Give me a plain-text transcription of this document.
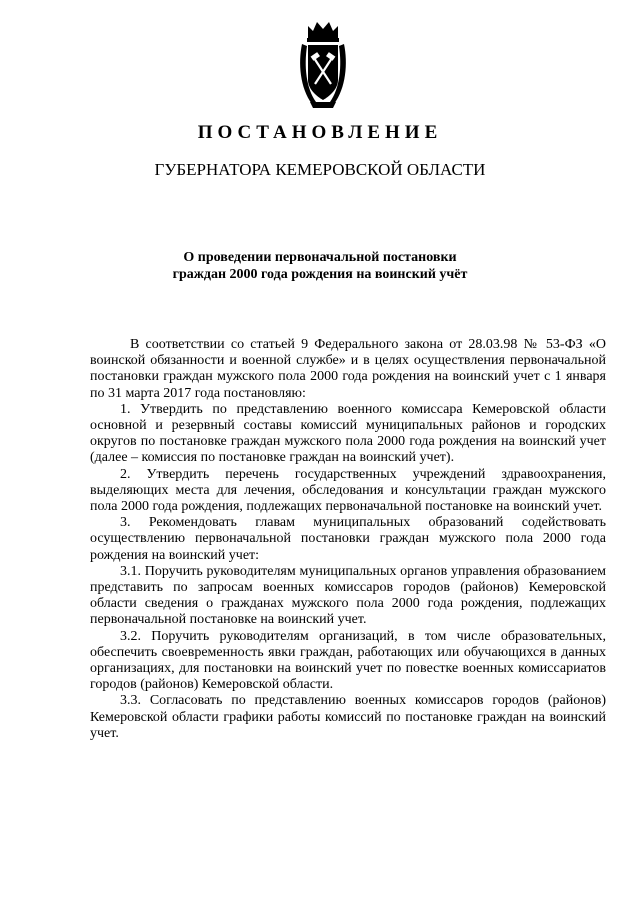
ПОСТАНОВЛЕНИЕ
ГУБЕРНАТОРА КЕМЕРОВСКОЙ ОБЛАСТИ
О проведении первоначальной постановки
граждан 2000 года рождения на воинский учёт

В соответствии со статьей 9 Федерального закона от 28.03.98 № 53-ФЗ «О воинской обязанности и военной службе» и в целях осуществления первоначальной постановки граждан мужского пола 2000 года рождения на воинский учет с 1 января по 31 марта 2017 года постановляю:

1. Утвердить по представлению военного комиссара Кемеровской области основной и резервный составы комиссий муниципальных районов и городских округов по постановке граждан мужского пола 2000 года рождения на воинский учет (далее – комиссия по постановке граждан на воинский учет).

2. Утвердить перечень государственных учреждений здравоохранения, выделяющих места для лечения, обследования и консультации граждан мужского пола 2000 года рождения, подлежащих первоначальной постановке на воинский учет.

3. Рекомендовать главам муниципальных образований содействовать осуществлению первоначальной постановки граждан мужского пола 2000 года рождения на воинский учет:

3.1. Поручить руководителям муниципальных органов управления образованием представить по запросам военных комиссаров городов (районов) Кемеровской области сведения о гражданах мужского пола 2000 года рождения, подлежащих первоначальной постановке на воинский учет.

3.2. Поручить руководителям организаций, в том числе образовательных, обеспечить своевременность явки граждан, работающих или обучающихся в данных организациях, для постановки на воинский учет по повестке военных комиссариатов городов (районов) Кемеровской области.

3.3. Согласовать по представлению военных комиссаров городов (районов) Кемеровской области графики работы комиссий по постановке граждан на воинский учет.
